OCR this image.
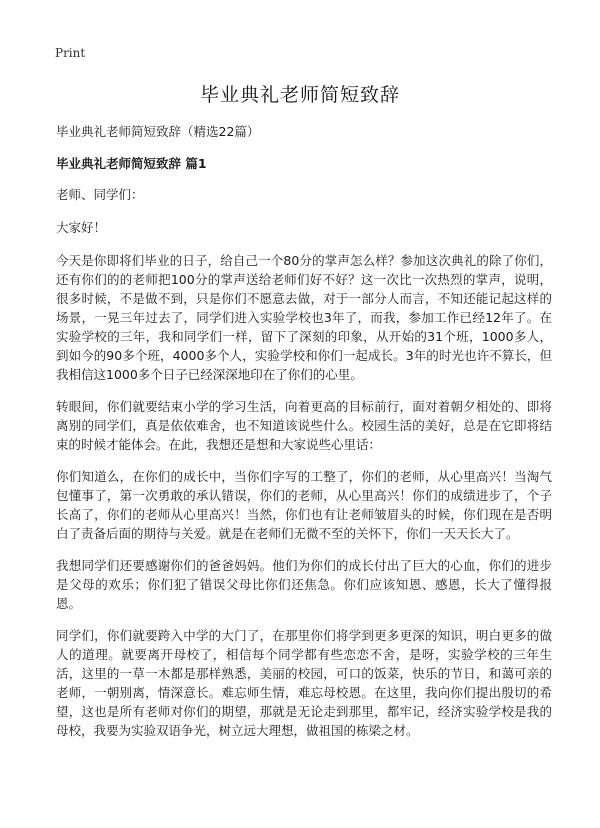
Print
毕业典礼老师简短致辞
毕业典礼老师简短致辞（精选22篇）
毕业典礼老师简短致辞 篇1
老师、同学们：
大家好！

今天是你即将们毕业的日子，给自己一个80分的掌声怎么样？参加这次典礼的除了你们，还有你们的的老师把100分的掌声送给老师们好不好？这一次比一次热烈的掌声，说明，很多时候，不是做不到，只是你们不愿意去做，对于一部分人而言，不知还能记起这样的场景，一晃三年过去了，同学们进入实验学校也3年了，而我，参加工作已经12年了。在实验学校的三年，我和同学们一样，留下了深刻的印象，从开始的31个班，1000多人，到如今的90多个班，4000多个人，实验学校和你们一起成长。3年的时光也许不算长，但我相信这1000多个日子已经深深地印在了你们的心里。

转眼间，你们就要结束小学的学习生活，向着更高的目标前行，面对着朝夕相处的、即将离别的同学们，真是依依难舍，也不知道该说些什么。校园生活的美好，总是在它即将结束的时候才能体会。在此，我想还是想和大家说些心里话：

你们知道么，在你们的成长中，当你们字写的工整了，你们的老师，从心里高兴！当淘气包懂事了，第一次勇敢的承认错误，你们的老师，从心里高兴！你们的成绩进步了，个子长高了，你们的老师从心里高兴！当然，你们也有让老师皱眉头的时候，你们现在是否明白了责备后面的期待与关爱。就是在老师们无微不至的关怀下，你们一天天长大了。

我想同学们还要感谢你们的爸爸妈妈。他们为你们的成长付出了巨大的心血，你们的进步是父母的欢乐；你们犯了错误父母比你们还焦急。你们应该知恩、感恩，长大了懂得报恩。

同学们，你们就要跨入中学的大门了，在那里你们将学到更多更深的知识，明白更多的做人的道理。就要离开母校了，相信每个同学都有些恋恋不舍，是呀，实验学校的三年生活，这里的一草一木都是那样熟悉，美丽的校园，可口的饭菜，快乐的节日，和蔼可亲的老师，一朝别离，情深意长。难忘师生情，难忘母校恩。在这里，我向你们提出殷切的希望，这也是所有老师对你们的期望，那就是无论走到那里，都牢记，经济实验学校是我的母校，我要为实验双语争光，树立远大理想，做祖国的栋梁之材。
